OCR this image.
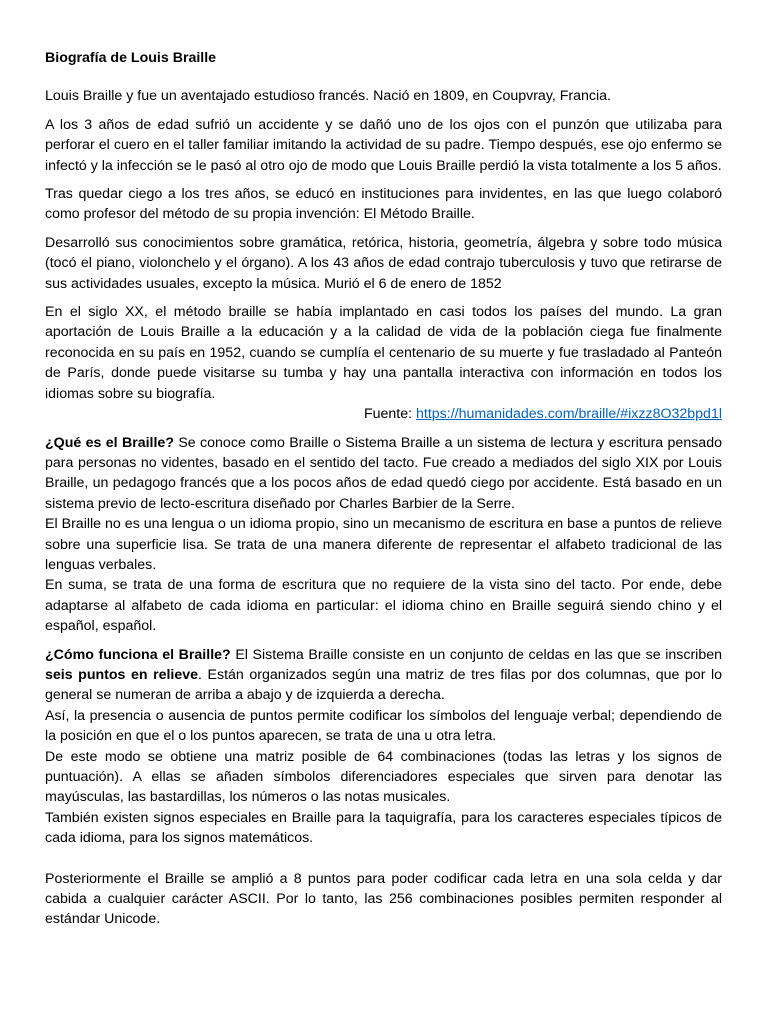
Biografía de Louis Braille

Louis Braille y fue un aventajado estudioso francés. Nació en 1809, en Coupvray, Francia.

A los 3 años de edad sufrió un accidente y se dañó uno de los ojos con el punzón que utilizaba para perforar el cuero en el taller familiar imitando la actividad de su padre. Tiempo después, ese ojo enfermo se infectó y la infección se le pasó al otro ojo de modo que Louis Braille perdió la vista totalmente a los 5 años.

Tras quedar ciego a los tres años, se educó en instituciones para invidentes, en las que luego colaboró como profesor del método de su propia invención: El Método Braille.

Desarrolló sus conocimientos sobre gramática, retórica, historia, geometría, álgebra y sobre todo música (tocó el piano, violonchelo y el órgano). A los 43 años de edad contrajo tuberculosis y tuvo que retirarse de sus actividades usuales, excepto la música. Murió el 6 de enero de 1852

En el siglo XX, el método braille se había implantado en casi todos los países del mundo. La gran aportación de Louis Braille a la educación y a la calidad de vida de la población ciega fue finalmente reconocida en su país en 1952, cuando se cumplía el centenario de su muerte y fue trasladado al Panteón de París, donde puede visitarse su tumba y hay una pantalla interactiva con información en todos los idiomas sobre su biografía.

Fuente: https://humanidades.com/braille/#ixzz8O32bpd1l

¿Qué es el Braille? Se conoce como Braille o Sistema Braille a un sistema de lectura y escritura pensado para personas no videntes, basado en el sentido del tacto. Fue creado a mediados del siglo XIX por Louis Braille, un pedagogo francés que a los pocos años de edad quedó ciego por accidente. Está basado en un sistema previo de lecto-escritura diseñado por Charles Barbier de la Serre.

El Braille no es una lengua o un idioma propio, sino un mecanismo de escritura en base a puntos de relieve sobre una superficie lisa. Se trata de una manera diferente de representar el alfabeto tradicional de las lenguas verbales.

En suma, se trata de una forma de escritura que no requiere de la vista sino del tacto. Por ende, debe adaptarse al alfabeto de cada idioma en particular: el idioma chino en Braille seguirá siendo chino y el español, español.

¿Cómo funciona el Braille? El Sistema Braille consiste en un conjunto de celdas en las que se inscriben seis puntos en relieve. Están organizados según una matriz de tres filas por dos columnas, que por lo general se numeran de arriba a abajo y de izquierda a derecha.

Así, la presencia o ausencia de puntos permite codificar los símbolos del lenguaje verbal; dependiendo de la posición en que el o los puntos aparecen, se trata de una u otra letra.

De este modo se obtiene una matriz posible de 64 combinaciones (todas las letras y los signos de puntuación). A ellas se añaden símbolos diferenciadores especiales que sirven para denotar las mayúsculas, las bastardillas, los números o las notas musicales.

También existen signos especiales en Braille para la taquigrafía, para los caracteres especiales típicos de cada idioma, para los signos matemáticos.

Posteriormente el Braille se amplió a 8 puntos para poder codificar cada letra en una sola celda y dar cabida a cualquier carácter ASCII. Por lo tanto, las 256 combinaciones posibles permiten responder al estándar Unicode.
